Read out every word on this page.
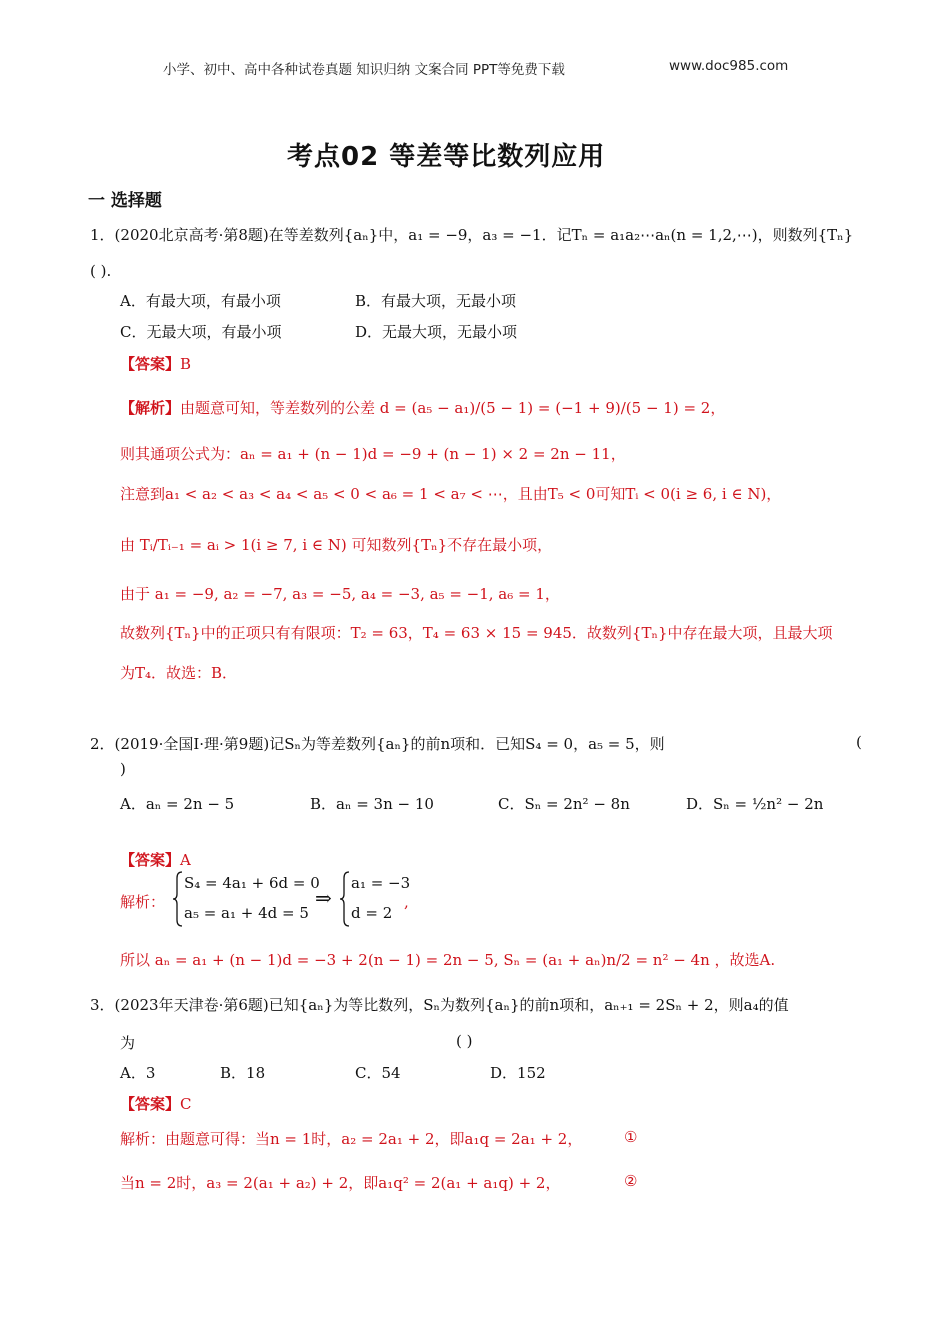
小学、初中、高中各种试卷真题 知识归纳 文案合同 PPT等免费下载	www.doc985.com
考点02 等差等比数列应用
一 选择题
1．(2020北京高考·第8题)在等差数列{aₙ}中，a₁ = −9，a₃ = −1．记Tₙ = a₁a₂⋯aₙ(n = 1,2,⋯)，则数列{Tₙ}
( ).
A．有最大项，有最小项	B．有最大项，无最小项
C．无最大项，有最小项	D．无最大项，无最小项
【答案】B
【解析】由题意可知，等差数列的公差 d = (a₅ − a₁)/(5 − 1) = (−1 + 9)/(5 − 1) = 2，
则其通项公式为：aₙ = a₁ + (n − 1)d = −9 + (n − 1) × 2 = 2n − 11，
注意到a₁ < a₂ < a₃ < a₄ < a₅ < 0 < a₆ = 1 < a₇ < ⋯，且由T₅ < 0可知Tᵢ < 0(i ≥ 6, i ∈ N)，
由 Tᵢ/Tᵢ₋₁ = aᵢ > 1(i ≥ 7, i ∈ N) 可知数列{Tₙ}不存在最小项，
由于 a₁ = −9, a₂ = −7, a₃ = −5, a₄ = −3, a₅ = −1, a₆ = 1，
故数列{Tₙ}中的正项只有有限项：T₂ = 63，T₄ = 63 × 15 = 945．故数列{Tₙ}中存在最大项，且最大项
为T₄．故选：B．
2．(2019·全国Ⅰ·理·第9题)记Sₙ为等差数列{aₙ}的前n项和．已知S₄ = 0，a₅ = 5，则	(
)
A．aₙ = 2n − 5	B．aₙ = 3n − 10	C．Sₙ = 2n² − 8n	D．Sₙ = ½n² − 2n
【答案】A
解析：
S₄ = 4a₁ + 6d = 0
a₅ = a₁ + 4d = 5
⇒
a₁ = −3
d = 2
,
所以 aₙ = a₁ + (n − 1)d = −3 + 2(n − 1) = 2n − 5, Sₙ = (a₁ + aₙ)n/2 = n² − 4n ，故选A.
3．(2023年天津卷·第6题)已知{aₙ}为等比数列，Sₙ为数列{aₙ}的前n项和，aₙ₊₁ = 2Sₙ + 2，则a₄的值
为	( )
A．3	B．18	C．54	D．152
【答案】C
解析：由题意可得：当n = 1时，a₂ = 2a₁ + 2，即a₁q = 2a₁ + 2，	①
当n = 2时，a₃ = 2(a₁ + a₂) + 2，即a₁q² = 2(a₁ + a₁q) + 2，	②
